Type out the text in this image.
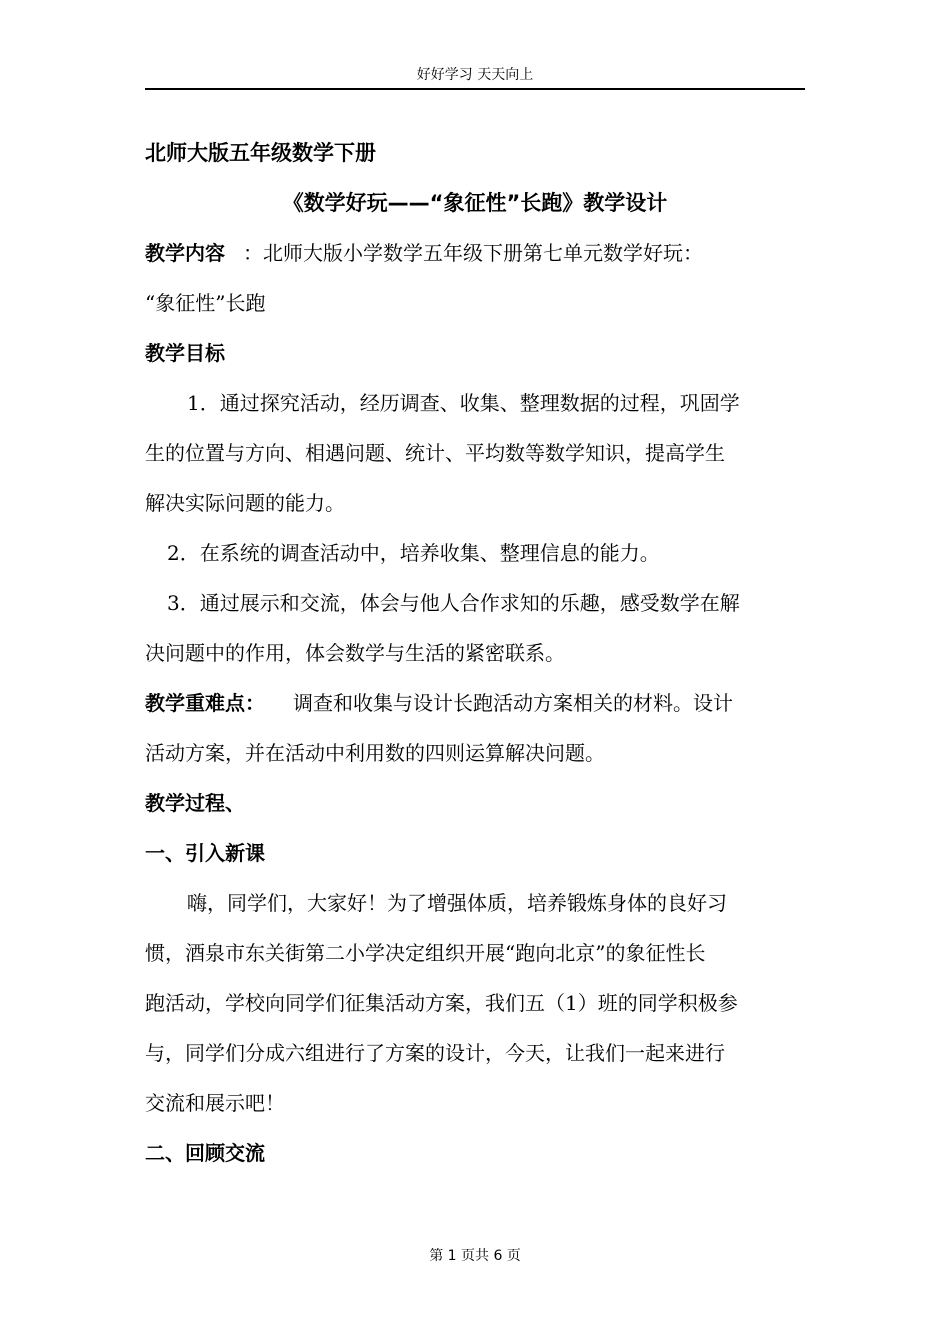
好好学习 天天向上
北师大版五年级数学下册
《数学好玩——“象征性”长跑》教学设计
教学内容 ：北师大版小学数学五年级下册第七单元数学好玩：
“象征性”长跑
教学目标
1．通过探究活动，经历调查、收集、整理数据的过程，巩固学
生的位置与方向、相遇问题、统计、平均数等数学知识，提高学生
解决实际问题的能力。
2．在系统的调查活动中，培养收集、整理信息的能力。
3．通过展示和交流，体会与他人合作求知的乐趣，感受数学在解
决问题中的作用，体会数学与生活的紧密联系。
教学重难点： 调查和收集与设计长跑活动方案相关的材料。设计
活动方案，并在活动中利用数的四则运算解决问题。
教学过程、
一、引入新课
嗨，同学们，大家好！为了增强体质，培养锻炼身体的良好习
惯，酒泉市东关街第二小学决定组织开展“跑向北京”的象征性长
跑活动，学校向同学们征集活动方案，我们五（1）班的同学积极参
与，同学们分成六组进行了方案的设计，今天，让我们一起来进行
交流和展示吧！
二、回顾交流
第 1 页共 6 页
